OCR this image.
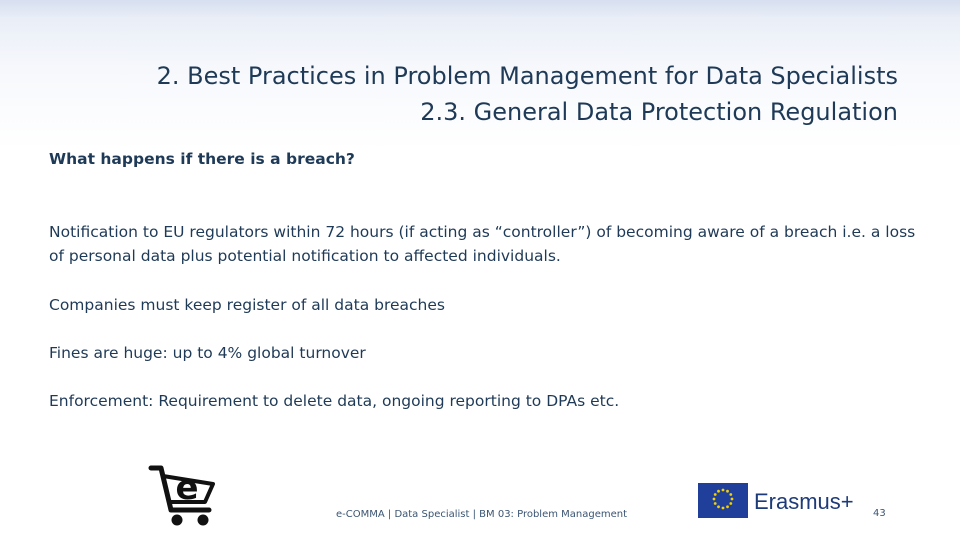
2. Best Practices in Problem Management for Data Specialists
2.3. General Data Protection Regulation
What happens if there is a breach?
Notification to EU regulators within 72 hours (if acting as “controller”) of becoming aware of a breach i.e. a loss of personal data plus potential notification to affected individuals.
Companies must keep register of all data breaches
Fines are huge: up to 4% global turnover
Enforcement: Requirement to delete data, ongoing reporting to DPAs etc.
e	Erasmus+
e-COMMA | Data Specialist | BM 03: Problem Management	43
